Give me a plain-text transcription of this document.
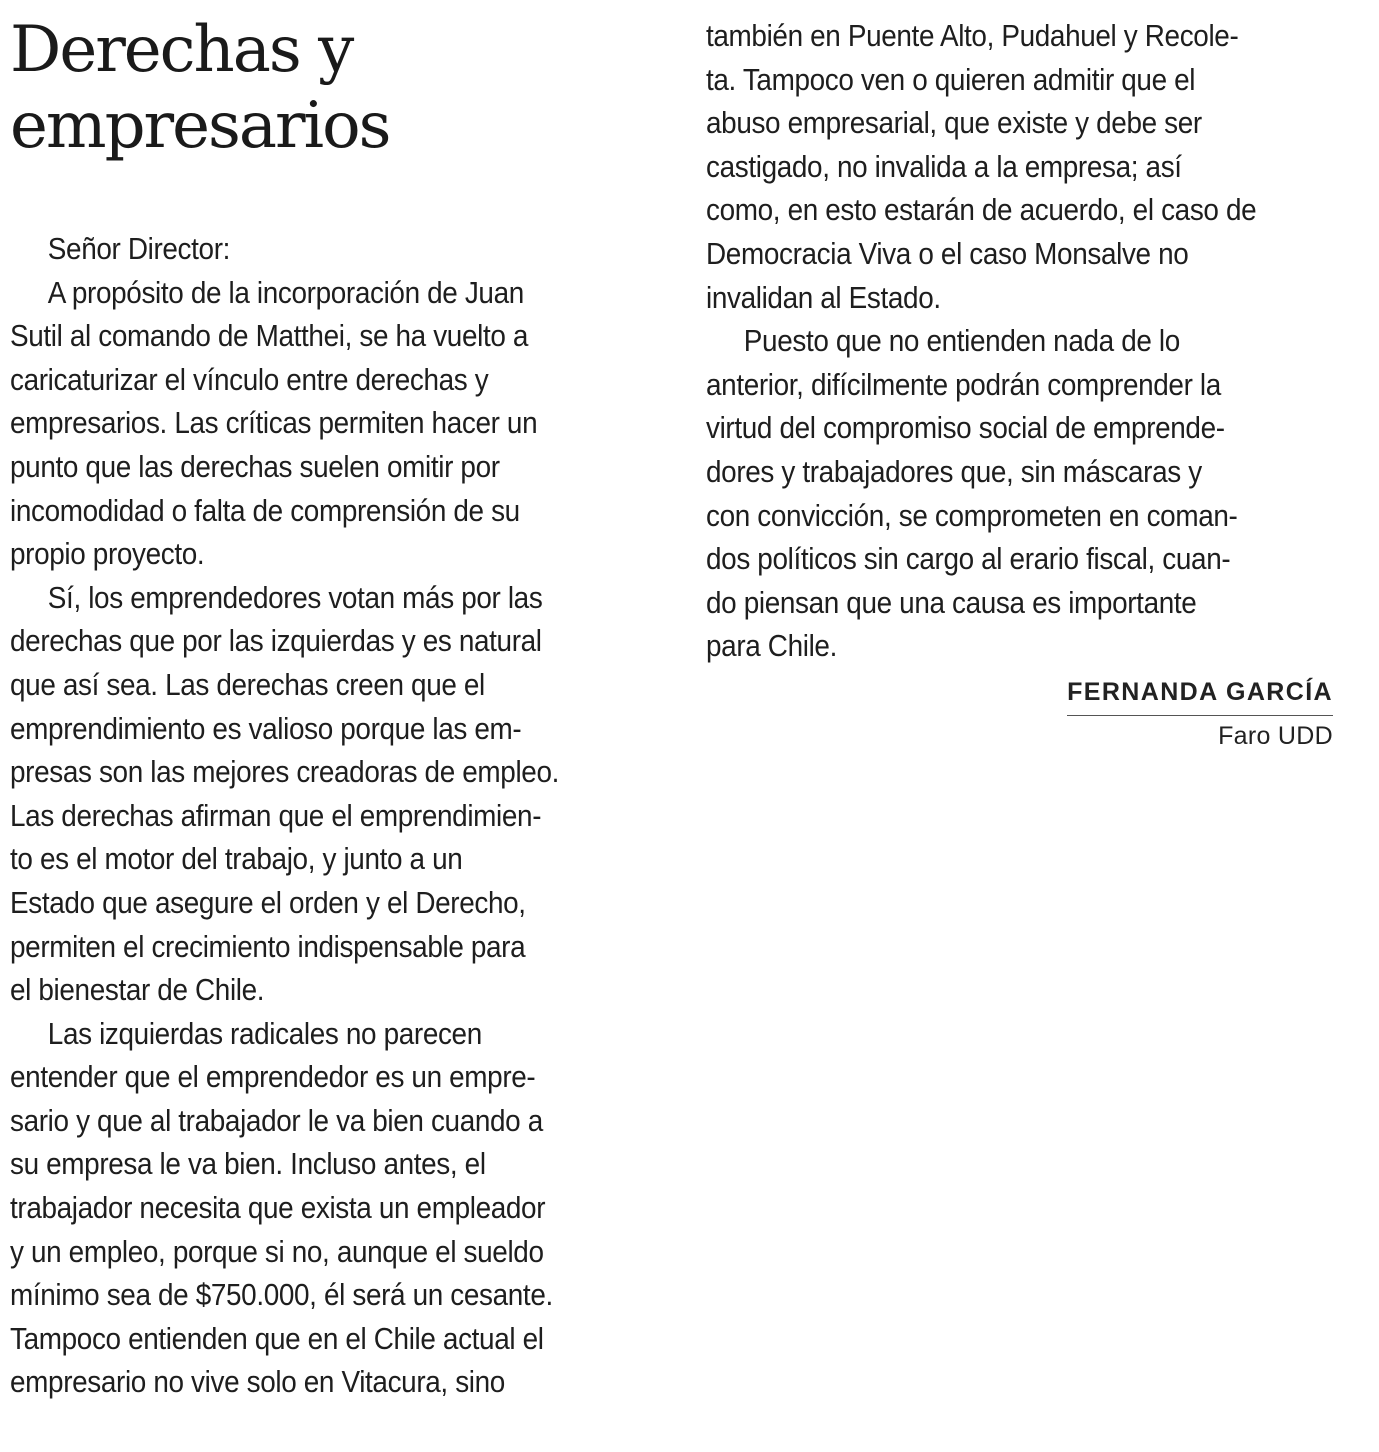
Derechas y
empresarios
Señor Director:
A propósito de la incorporación de Juan
Sutil al comando de Matthei, se ha vuelto a
caricaturizar el vínculo entre derechas y
empresarios. Las críticas permiten hacer un
punto que las derechas suelen omitir por
incomodidad o falta de comprensión de su
propio proyecto.
Sí, los emprendedores votan más por las
derechas que por las izquierdas y es natural
que así sea. Las derechas creen que el
emprendimiento es valioso porque las em-
presas son las mejores creadoras de empleo.
Las derechas afirman que el emprendimien-
to es el motor del trabajo, y junto a un
Estado que asegure el orden y el Derecho,
permiten el crecimiento indispensable para
el bienestar de Chile.
Las izquierdas radicales no parecen
entender que el emprendedor es un empre-
sario y que al trabajador le va bien cuando a
su empresa le va bien. Incluso antes, el
trabajador necesita que exista un empleador
y un empleo, porque si no, aunque el sueldo
mínimo sea de $750.000, él será un cesante.
Tampoco entienden que en el Chile actual el
empresario no vive solo en Vitacura, sino
también en Puente Alto, Pudahuel y Recole-
ta. Tampoco ven o quieren admitir que el
abuso empresarial, que existe y debe ser
castigado, no invalida a la empresa; así
como, en esto estarán de acuerdo, el caso de
Democracia Viva o el caso Monsalve no
invalidan al Estado.
Puesto que no entienden nada de lo
anterior, difícilmente podrán comprender la
virtud del compromiso social de emprende-
dores y trabajadores que, sin máscaras y
con convicción, se comprometen en coman-
dos políticos sin cargo al erario fiscal, cuan-
do piensan que una causa es importante
para Chile.
FERNANDA GARCÍA
Faro UDD
